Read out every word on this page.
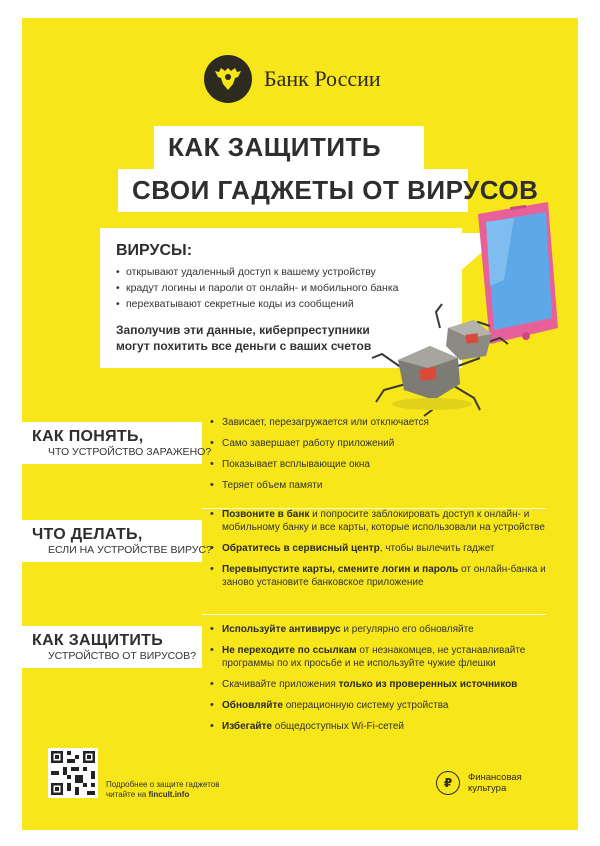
Банк России
КАК ЗАЩИТИТЬ
СВОИ ГАДЖЕТЫ ОТ ВИРУСОВ
ВИРУСЫ:
• открывают удаленный доступ к вашему устройству
• крадут логины и пароли от онлайн- и мобильного банка
• перехватывают секретные коды из сообщений
Заполучив эти данные, киберпреступники
могут похитить все деньги с ваших счетов
КАК ПОНЯТЬ,
ЧТО УСТРОЙСТВО ЗАРАЖЕНО?
• Зависает, перезагружается или отключается
• Само завершает работу приложений
• Показывает всплывающие окна
• Теряет объем памяти
ЧТО ДЕЛАТЬ,
ЕСЛИ НА УСТРОЙСТВЕ ВИРУС?
• Позвоните в банк и попросите заблокировать доступ к онлайн- и мобильному банку и все карты, которые использовали на устройстве
• Обратитесь в сервисный центр, чтобы вылечить гаджет
• Перевыпустите карты, смените логин и пароль от онлайн-банка и заново установите банковское приложение
КАК ЗАЩИТИТЬ
УСТРОЙСТВО ОТ ВИРУСОВ?
• Используйте антивирус и регулярно его обновляйте
• Не переходите по ссылкам от незнакомцев, не устанавливайте программы по их просьбе и не используйте чужие флешки
• Скачивайте приложения только из проверенных источников
• Обновляйте операционную систему устройства
• Избегайте общедоступных Wi-Fi-сетей
Подробнее о защите гаджетов
читайте на fincult.info
₽	Финансовая
культура
